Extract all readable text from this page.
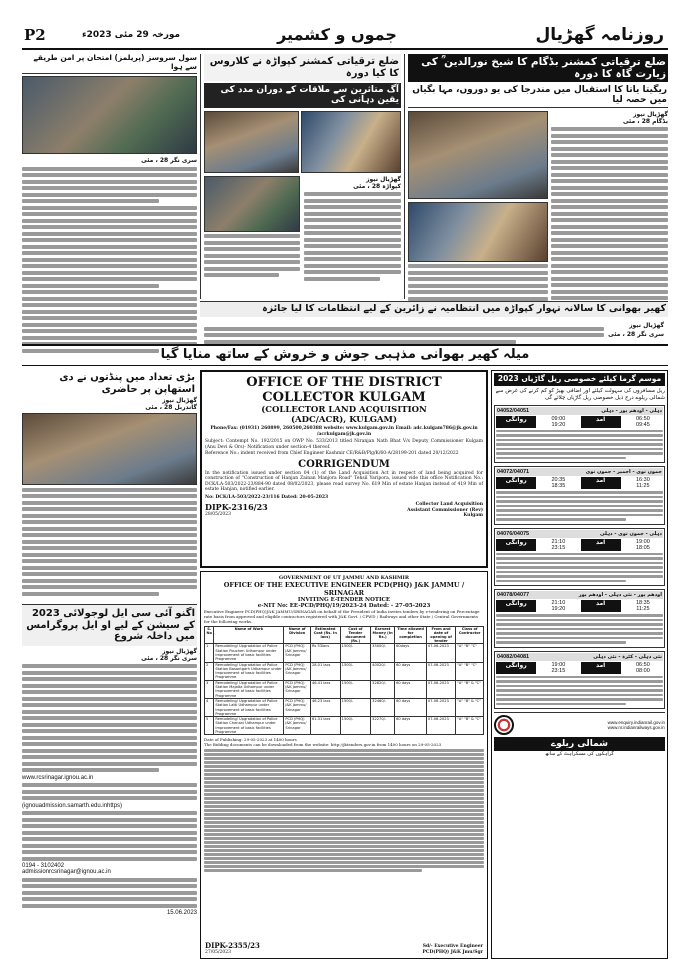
P2	مورخہ 29 مئی 2023ء	جموں و کشمیر	روزنامہ گھڑیال
سول سروسز (پریلمز) امتحان پر امن طریقے سے ہوا
سری نگر 28 ، مئی
ضلع ترقیاتی کمشنر کپواڑہ نے کلاروس کا کیا دورہ
آگ متاثرین سے ملاقات کے دوران مدد کی یقین دہانی کی
گھڑیال نیوز
کپواڑہ 28 ، مئی
ضلع ترقیاتی کمشنر بڈگام کا شیخ نورالدین ؒ کی زیارت گاہ کا دورہ
ریگیتا یاتا کا استقبال میں مندرجا کی یو دوروں، مہا بگیاں میں حصہ لیا
گھڑیال نیوز
بڈگام 28 ، مئی
کھیر بھوانی کا سالانہ تہوار کپواڑہ میں انتظامیہ نے زائرین کے لیے انتظامات کا لیا جائزہ
گھڑیال نیوز
سری نگر 28 ، مئی
میلہ کھیر بھوانی مذہبی جوش و خروش کے ساتھ منایا گیا
بڑی تعداد میں پنڈتوں نے دی استھاپن پر حاضری
گھڑیال نیوز
گاندربل 28 ، مئی
اگنو آئی سی ایل لوجولائی 2023 کے سیشن کے لیے او ایل پروگرامس میں داخلہ شروع
گھڑیال نیوز
سری نگر 28 ، مئی
www.rcsrinagar.ignou.ac.in
(ignouadmission.samarth.edu.inhttps)
0194 - 3102402
admissionrcsrinagar@ignou.ac.in
15.06.2023
OFFICE OF THE DISTRICT
COLLECTOR KULGAM
(COLLECTOR LAND ACQUISITION
(ADC/ACR), KULGAM)
Phone/Fax: (01931) 260899, 260500,260388 website: www.kulgam.gov.in Email: adc.kulgam786@jk.gov.in /acrkulgam@jk.gov.in
Subject: Contempt No. 192/2015 on OWP No. 533/2013 titled Niranjan Nath Bhat V/s Deputy Commissioner Kulgam (Anu Devi & Ors)- Notification under section-4 thereof.
Reference No.: indent received from Chief Engineer Kashmir CE/R&B/Plg/K/60-A/28199-201 dated 20/12/2022
CORRIGENDUM
In the notification issued under section 04 (1) of the Land Acquisition Act in respect of land being acquired for construction of "Construction of Hanjan Zainan Manjora Road" Tehsil Yaripora, issued vide this office Notification No.: DCK/LA-503/2022-23/884-90 dated 08/02/2023, please read survey No. 619 Min of estate Hanjan instead of 419 Min of estate Hanjan, notified earlier.
No: DCK/LA-503/2022-23/116 Dated: 20-05-2023
DIPK-2316/23
28/05/2023
Collector Land Acquisition
Assistant Commissioner (Rev)
Kulgam
GOVERNMENT OF UT JAMMU AND KASHMIR
OFFICE OF THE EXECUTIVE ENGINEER PCD(PHQ) J&K JAMMU / SRINAGAR
INVITING E-TENDER NOTICE
e-NIT No: EE-PCD/PHQ/19/2023-24 Dated: - 27-05-2023
Executive Engineer PCD(PHQ)J&K JAMMU/SRINAGAR on behalf of the President of India invites tenders by e-tendering on Percentage rate basis from approved and eligible contractors registered with J&K Govt. / CPWD / Railways and other State / Central Governments for the following works.
S. No	Name of Work	Name of Division	Estimated Cost (Rs. In lacs)	Cost of Tender document (Rs.)	Earnest Money (In Rs.)	Time allowed for completion	From and date of opening of tender	Class of Contractor
1	Remodeling/ Upgradation of Police Station Pouchen Udhampur under Improvement of basic facilities Programme	PCD (PHQ) J&K Jammu/ Srinagar	Rs 53lacs	1500/-	35000/-	60days	07-06-2023	"A" "B" "C"
2	Remodeling/ Upgradation of Police Station Basantgarh Udhampur under Improvement of basic facilities Programme	PCD (PHQ) J&K Jammu/ Srinagar	28.01 lacs	1500/-	40020/-	60 days	07-06-2023	"A" "B" "C"
3	Remodeling/ Upgradation of Police Station Majalta Udhampur under Improvement of basic facilities Programme	PCD (PHQ) J&K Jammu/ Srinagar	46.41 lacs	1500/-	32820/-	60 days	07-06-2023	"A" "B" & "C"
4	Remodeling/ Upgradation of Police Station Latti Udhampur under Improvement of basic facilities Programme	PCD (PHQ) J&K Jammu/ Srinagar	46.23 lacs	1500/-	32460/-	60 days	07-06-2023	"A" "B" & "C"
5	Remodeling/ Upgradation of Police Station Chenani Udhampur under Improvement of basic facilities Programme	PCD (PHQ) J&K Jammu/ Srinagar	61.31 lacs	1500/-	32270/-	60 days	07-06-2023	"A" "B" & "C"
Date of Publishing: 29-05-2023 at 1400 hours
The Bidding documents can be downloaded from the website: http://jktenders.gov.in from 1400 hours on 29-05-2023
DIPK-2355/23
27/05/2023
Sd/- Executive Engineer
PCD(PHQ) J&K Jmu/Sgr
موسم گرما کیلئے خصوصی ریل گاڑیاں 2023
ریل مسافروں کی سہولت کیلئے اور اضافی بھیڑ کو کم کرنے کی غرض سے شمالی ریلوے درج ذیل خصوصی ریل گاڑیاں چلائے گی
04052/04051	دہلی - اودھم پور - دہلی
روانگی	09:00
19:20
آمد	06:50
09:45
04072/04071	جموں توی - اجمیر - جموں توی
روانگی	20:35
18:35
آمد	16:30
11:25
04076/04075	دہلی - جموں توی - دہلی
روانگی	21:10
23:15
آمد	19:00
18:05
04078/04077	اودھم پور - نئی دہلی - اودھم پور
روانگی	21:10
19:20
آمد	18:35
11:25
04082/04081	نئی دہلی - کٹرہ - نئی دہلی
روانگی	19:00
23:15
آمد	06:50
08:00
www.enquiry.indianrail.gov.in
www.nr.indianrailways.gov.in
شمالی ریلوے
گراہکوں کی مسکراہٹ کے ساتھ
